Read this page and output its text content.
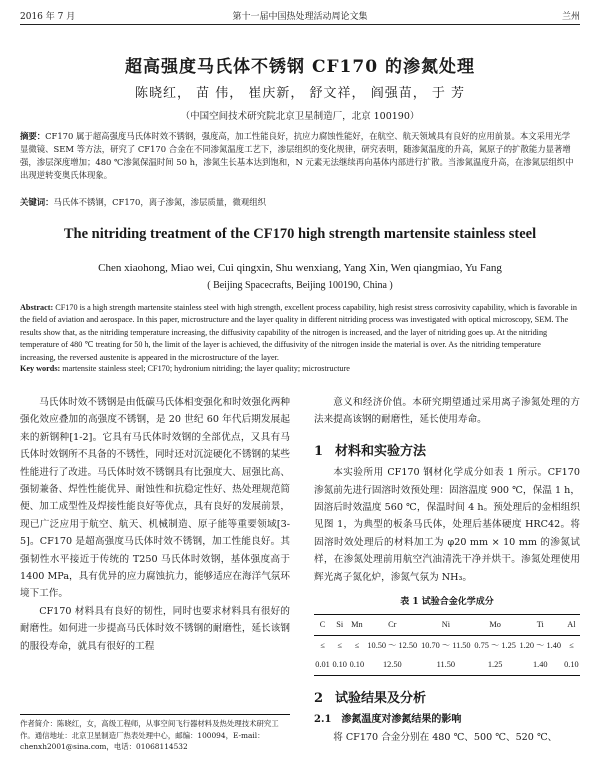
2016 年 7 月	第十一届中国热处理活动周论文集	兰州
超高强度马氏体不锈钢 CF170 的渗氮处理
陈晓红， 苗 伟， 崔庆新， 舒文祥， 阎强苗， 于 芳
（中国空间技术研究院北京卫星制造厂，北京 100190）
摘要：CF170 属于超高强度马氏体时效不锈钢，强度高，加工性能良好，抗应力腐蚀性能好，在航空、航天领域具有良好的应用前景。本文采用光学显微镜、SEM 等方法，研究了 CF170 合金在不同渗氮温度工艺下，渗层组织的变化规律，研究表明，随渗氮温度的升高，氮原子的扩散能力显著增强，渗层深度增加；480 ℃渗氮保温时间 50 h，渗氮生长基本达到饱和，N 元素无法继续再向基体内部进行扩散。当渗氮温度升高，在渗氮层组织中出现逆转变奥氏体现象。
关键词：马氏体不锈钢，CF170，离子渗氮，渗层质量，微观组织
The nitriding treatment of the CF170 high strength martensite stainless steel
Chen xiaohong, Miao wei, Cui qingxin, Shu wenxiang, Yang Xin, Wen qiangmiao, Yu Fang
( Beijing Spacecrafts, Beijing 100190, China )
Abstract: CF170 is a high strength martensite stainless steel with high strength, excellent process capability, high resist stress corrosivity capability, which is favorable in the field of aviation and aerospace. In this paper, microstructure and the layer quality in different nitriding process was investigated with optical microscopy, SEM. The results show that, as the nitriding temperature increasing, the diffusivity capability of the nitrogen is increased, and the layer of nitriding goes up. At the nitriding temperature of 480 ℃ treating for 50 h, the limit of the layer is achieved, the diffusivity of the nitrogen inside the material is over. As the nitriding temperature increasing, the reversed austenite is appeared in the microstructure of the layer.
Key words: martensite stainless steel; CF170; hydronium nitriding; the layer quality; microstructure

马氏体时效不锈钢是由低碳马氏体相变强化和时效强化两种强化效应叠加的高强度不锈钢，是 20 世纪 60 年代后期发展起来的新钢种[1-2]。它具有马氏体时效钢的全部优点，又具有马氏体时效钢所不具备的不锈性，同时还对沉淀硬化不锈钢的某些性能进行了改进。马氏体时效不锈钢具有比强度大、屈强比高、强韧兼备、焊性性能优异、耐蚀性和抗稳定性好、热处理规范简便、加工成型性及焊接性能良好等优点，具有良好的发展前景，现已广泛应用于航空、航天、机械制造、原子能等重要领域[3-5]。CF170 是超高强度马氏体时效不锈钢，加工性能良好。其强韧性水平接近于传统的 T250 马氏体时效钢，基体强度高于 1400 MPa，具有优异的应力腐蚀抗力，能够适应在海洋气氛环境下工作。

CF170 材料具有良好的韧性，同时也要求材料具有很好的耐磨性。如何进一步提高马氏体时效不锈钢的耐磨性，延长该钢的服役寿命，就具有很好的工程

意义和经济价值。本研究期望通过采用离子渗氮处理的方法来提高该钢的耐磨性，延长使用寿命。

1 材料和实验方法

本实验所用 CF170 钢材化学成分如表 1 所示。CF170 渗氮前先进行固溶时效预处理：固溶温度 900 ℃，保温 1 h，固溶后时效温度 560 ℃，保温时间 4 h。预处理后的金相组织见图 1，为典型的板条马氏体，处理后基体硬度 HRC42。将固溶时效处理后的材料加工为 φ20 mm × 10 mm 的渗氮试样，在渗氮处理前用航空汽油清洗干净并烘干。渗氮处理使用辉光离子氮化炉，渗氮气氛为 NH₃。

表 1 试验合金化学成分
C	Si	Mn	Cr	Ni	Mo	Ti	Al
≤	≤	≤	10.50 ～ 12.50	10.70 ～ 11.50	0.75 ～ 1.25	1.20 ～ 1.40	≤
0.01	0.10	0.10	12.50	11.50	1.25	1.40	0.10
2 试验结果及分析
2.1 渗氮温度对渗氮结果的影响

将 CF170 合金分别在 480 ℃、500 ℃、520 ℃、

作者简介：陈晓红，女，高级工程师，从事空间飞行器材料及热处理技术研究工作。通信地址：北京卫星制造厂热表处理中心，邮编：100094，E-mail：chenxh2001@sina.com，电话：01068114532
